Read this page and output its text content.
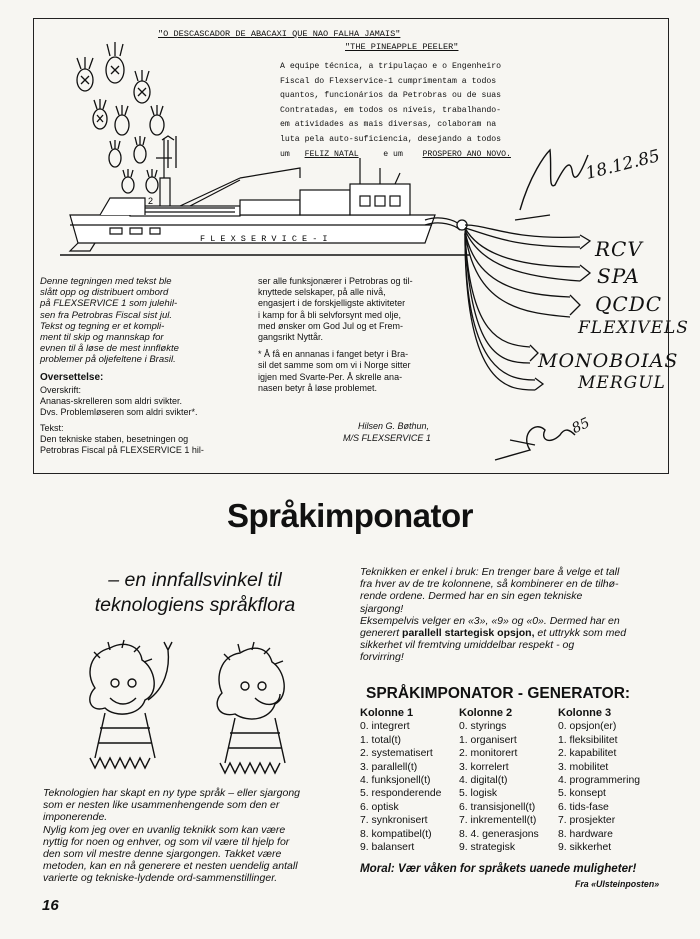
"O DESCASCADOR DE ABACAXI QUE NAO FALHA JAMAIS"
"THE PINEAPPLE PEELER"
A equipe técnica, a tripulaçao e o Engenheiro
Fiscal do Flexservice-1 cumprimentam a todos
quantos, funcionários da Petrobras ou de suas
Contratadas, em todos os níveis, trabalhando-
em atividades as mais diversas, colaboram na
luta pela auto-suficiencia, desejando a todos
um FELIZ NATAL	e um PROSPERO ANO NOVO.
F L E X S E R V I C E - I
2
RCV
SPA
QCDC
FLEXIVELS
MONOBOIAS
MERGUL
18.12.85
Denne tegningen med tekst ble
slått opp og distribuert ombord
på FLEXSERVICE 1 som julehil-
sen fra Petrobras Fiscal sist jul.
Tekst og tegning er et kompli-
ment til skip og mannskap for
evnen til å løse de mest innfløkte
problemer på oljefeltene i Brasil.
Oversettelse:
Overskrift:
Ananas-skrelleren som aldri svikter.
Dvs. Problemløseren som aldri svikter*.
Tekst:
Den tekniske staben, besetningen og
Petrobras Fiscal på FLEXSERVICE 1 hil-
ser alle funksjonærer i Petrobras og til-
knyttede selskaper, på alle nivå,
engasjert i de forskjelligste aktiviteter
i kamp for å bli selvforsynt med olje,
med ønsker om God Jul og et Frem-
gangsrikt Nyttår.
* Å få en annanas i fanget betyr i Bra-
sil det samme som om vi i Norge sitter
igjen med Svarte-Per. Å skrelle ana-
nasen betyr å løse problemet.
Hilsen G. Bøthun,
M/S FLEXSERVICE 1
85
Språkimponator
– en innfallsvinkel til
teknologiens språkflora
Teknikken er enkel i bruk: En trenger bare å velge et tall
fra hver av de tre kolonnene, så kombinerer en de tilhø-
rende ordene. Dermed har en sin egen tekniske
sjargong!
Eksempelvis velger en «3», «9» og «0». Dermed har en
generert parallell startegisk opsjon, et uttrykk som med
sikkerhet vil fremtving umiddelbar respekt - og
forvirring!
SPRÅKIMPONATOR - GENERATOR:
Kolonne 1
0. integrert
1. total(t)
2. systematisert
3. parallell(t)
4. funksjonell(t)
5. responderende
6. optisk
7. synkronisert
8. kompatibel(t)
9. balansert
Kolonne 2
0. styrings
1. organisert
2. monitorert
3. korrelert
4. digital(t)
5. logisk
6. transisjonell(t)
7. inkrementell(t)
8. 4. generasjons
9. strategisk
Kolonne 3
0. opsjon(er)
1. fleksibilitet
2. kapabilitet
3. mobilitet
4. programmering
5. konsept
6. tids-fase
7. prosjekter
8. hardware
9. sikkerhet
Moral: Vær våken for språkets uanede muligheter!
Fra «Ulsteinposten»
Teknologien har skapt en ny type språk – eller sjargong
som er nesten like usammenhengende som den er
imponerende.
Nylig kom jeg over en uvanlig teknikk som kan være
nyttig for noen og enhver, og som vil være til hjelp for
den som vil mestre denne sjargongen. Takket være
metoden, kan en nå generere et nesten uendelig antall
varierte og tekniske-lydende ord-sammenstillinger.
16
